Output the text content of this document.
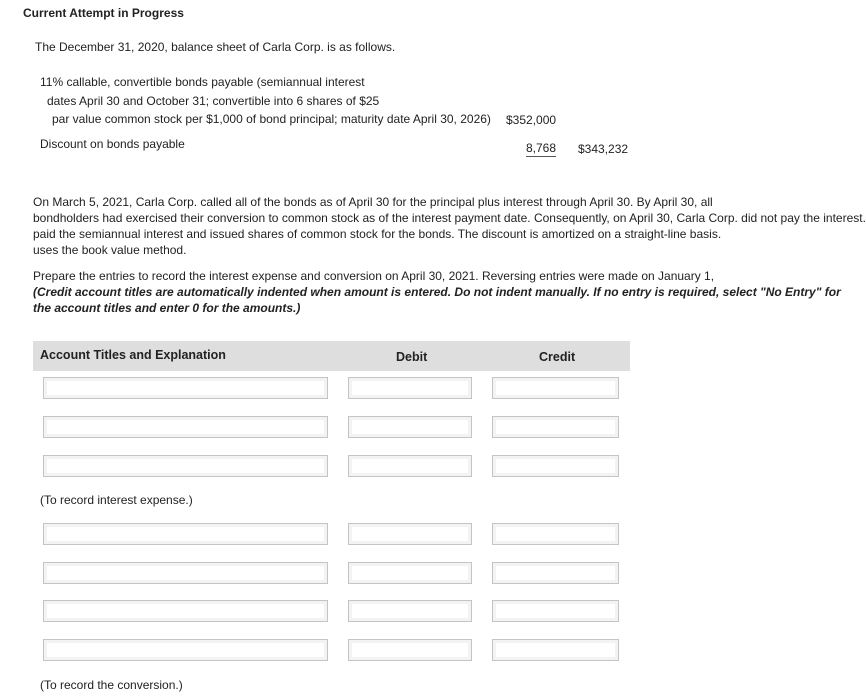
Current Attempt in Progress
The December 31, 2020, balance sheet of Carla Corp. is as follows.
11% callable, convertible bonds payable (semiannual interest
dates April 30 and October 31; convertible into 6 shares of $25
par value common stock per $1,000 of bond principal; maturity date April 30, 2026) $352,000
Discount on bonds payable	8,768 $343,232
On March 5, 2021, Carla Corp. called all of the bonds as of April 30 for the principal plus interest through April 30. By April 30, all
bondholders had exercised their conversion to common stock as of the interest payment date. Consequently, on April 30, Carla Corp. did not pay the interest.
paid the semiannual interest and issued shares of common stock for the bonds. The discount is amortized on a straight-line basis.
uses the book value method.
Prepare the entries to record the interest expense and conversion on April 30, 2021. Reversing entries were made on January 1,
(Credit account titles are automatically indented when amount is entered. Do not indent manually. If no entry is required, select "No Entry" for
the account titles and enter 0 for the amounts.)
Account Titles and Explanation	Debit	Credit
(To record interest expense.)
(To record the conversion.)
